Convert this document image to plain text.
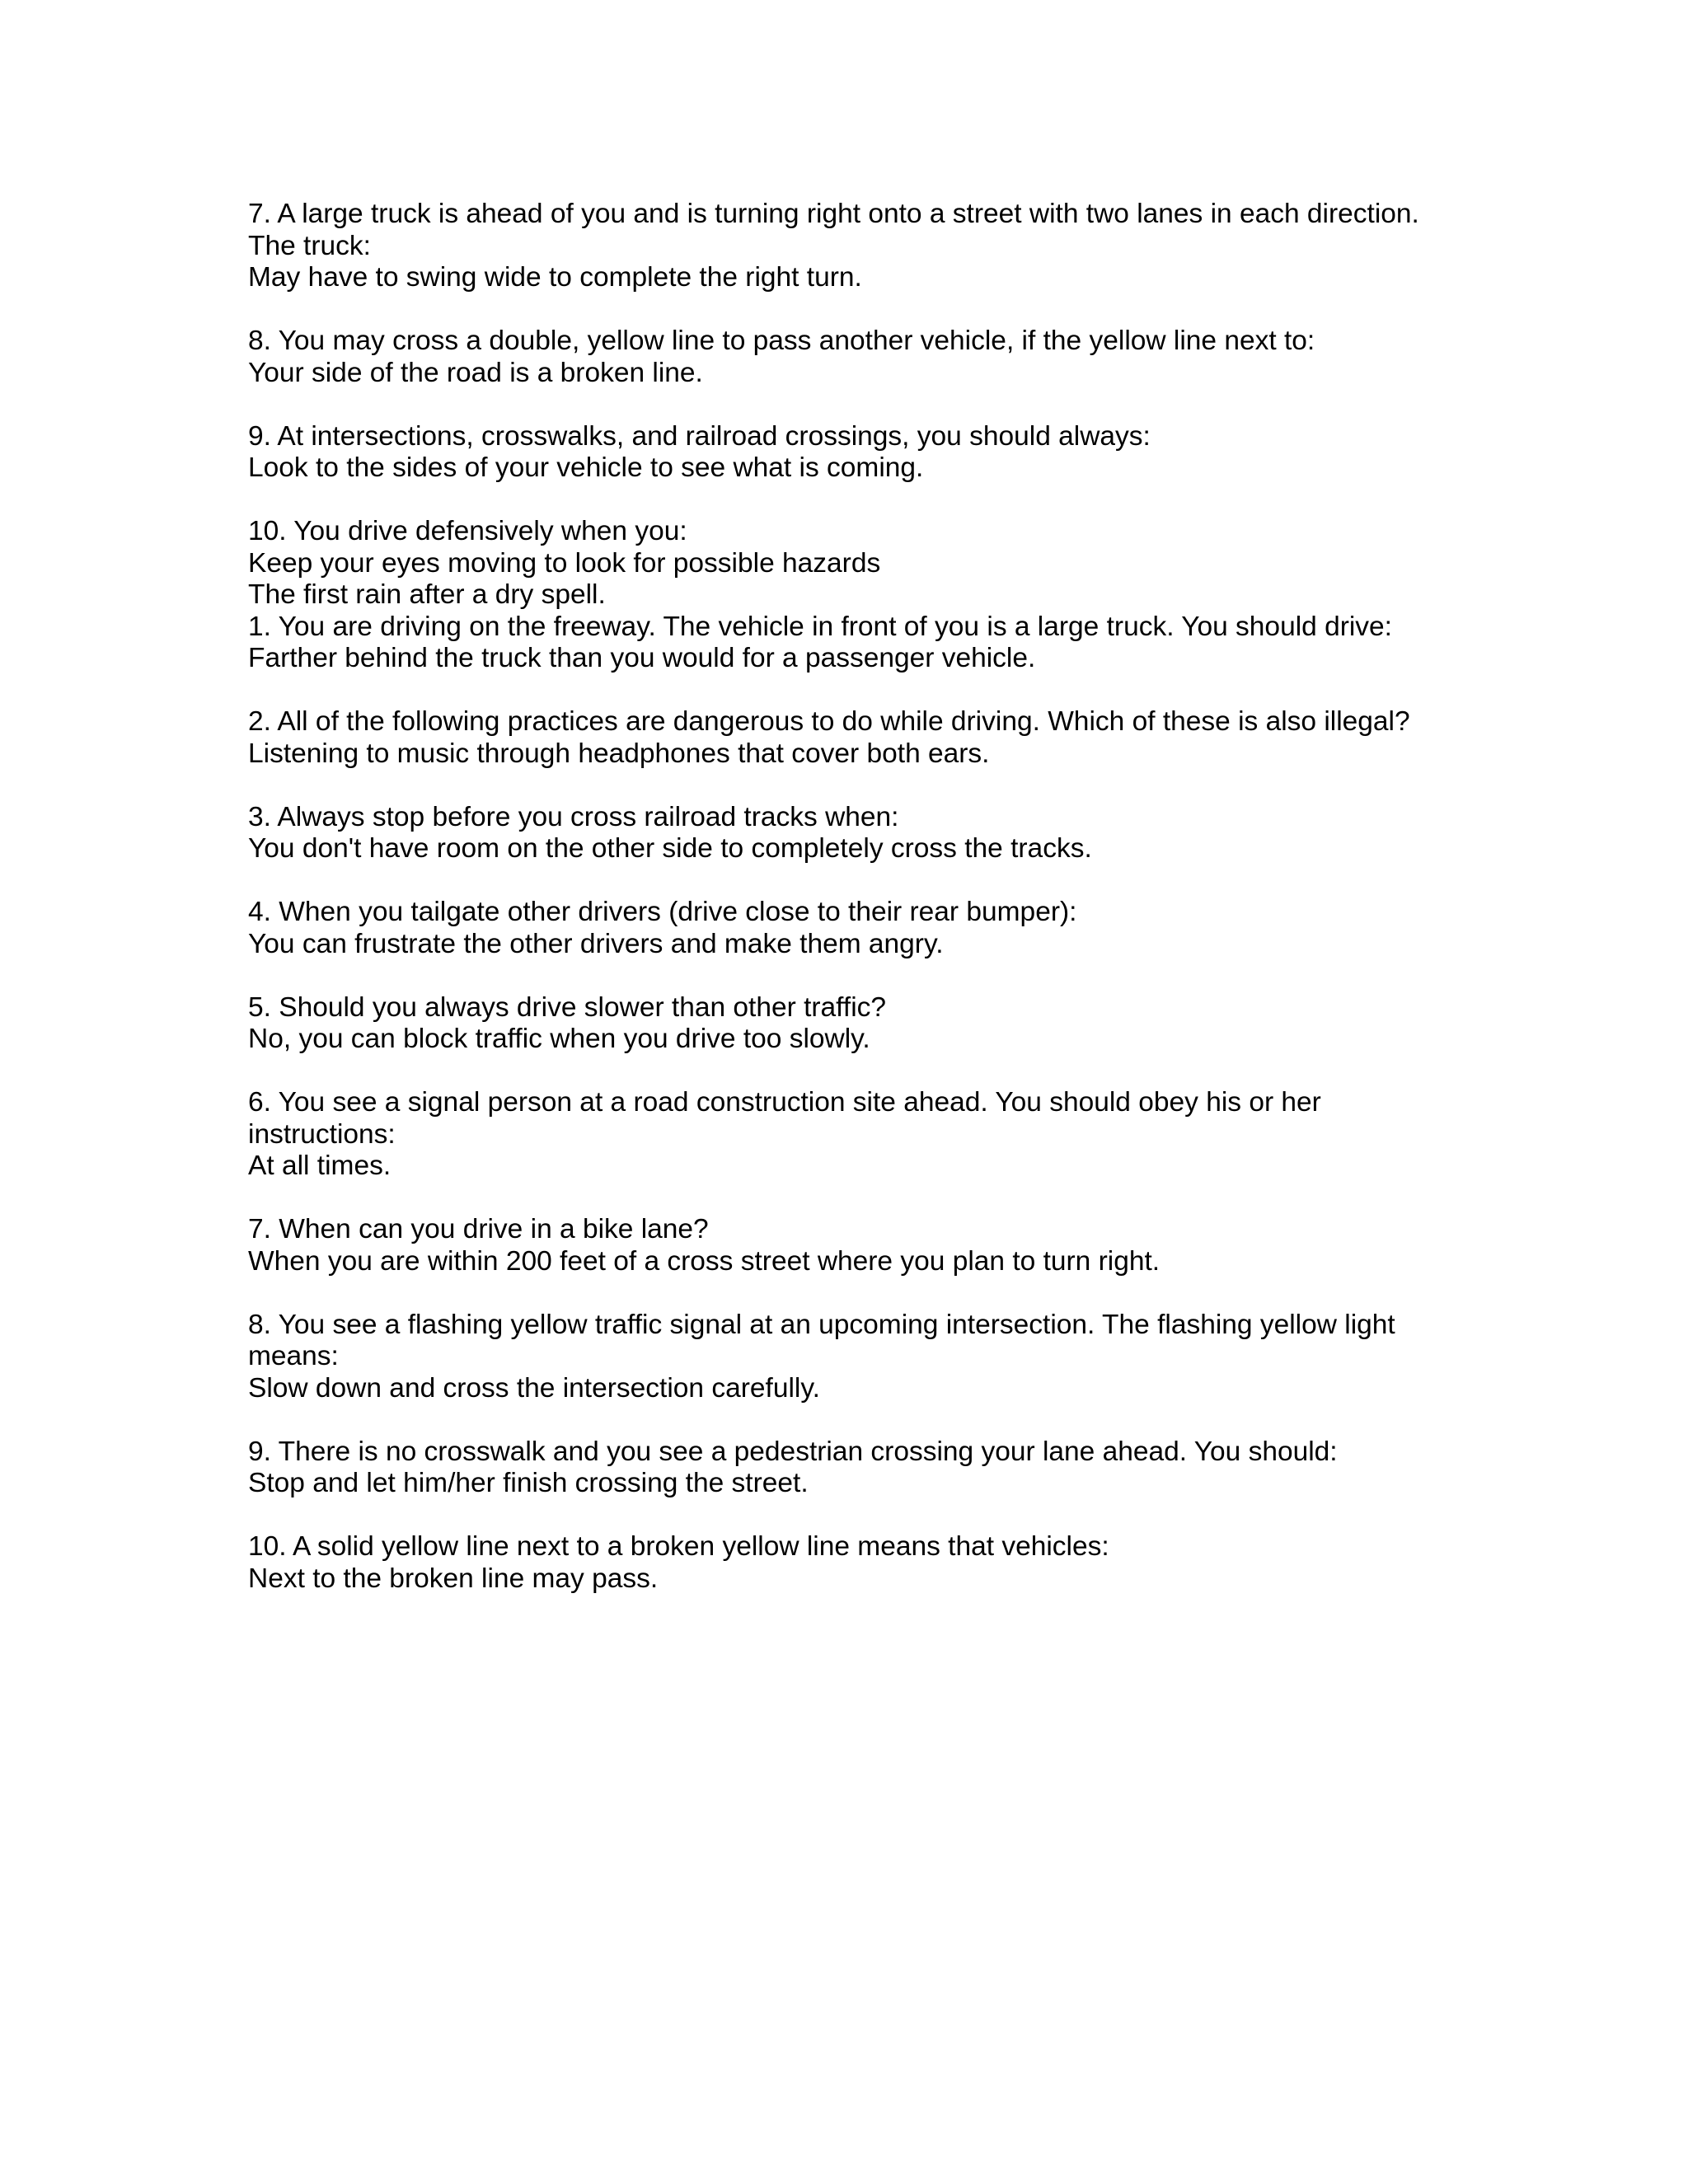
7. A large truck is ahead of you and is turning right onto a street with two lanes in each direction.
The truck:
May have to swing wide to complete the right turn.
8. You may cross a double, yellow line to pass another vehicle, if the yellow line next to:
Your side of the road is a broken line.
9. At intersections, crosswalks, and railroad crossings, you should always:
Look to the sides of your vehicle to see what is coming.
10. You drive defensively when you:
Keep your eyes moving to look for possible hazards
The first rain after a dry spell.
1. You are driving on the freeway. The vehicle in front of you is a large truck. You should drive:
Farther behind the truck than you would for a passenger vehicle.
2. All of the following practices are dangerous to do while driving. Which of these is also illegal?
Listening to music through headphones that cover both ears.
3. Always stop before you cross railroad tracks when:
You don't have room on the other side to completely cross the tracks.
4. When you tailgate other drivers (drive close to their rear bumper):
You can frustrate the other drivers and make them angry.
5. Should you always drive slower than other traffic?
No, you can block traffic when you drive too slowly.
6. You see a signal person at a road construction site ahead. You should obey his or her
instructions:
At all times.
7. When can you drive in a bike lane?
When you are within 200 feet of a cross street where you plan to turn right.
8. You see a flashing yellow traffic signal at an upcoming intersection. The flashing yellow light
means:
Slow down and cross the intersection carefully.
9. There is no crosswalk and you see a pedestrian crossing your lane ahead. You should:
Stop and let him/her finish crossing the street.
10. A solid yellow line next to a broken yellow line means that vehicles:
Next to the broken line may pass.
